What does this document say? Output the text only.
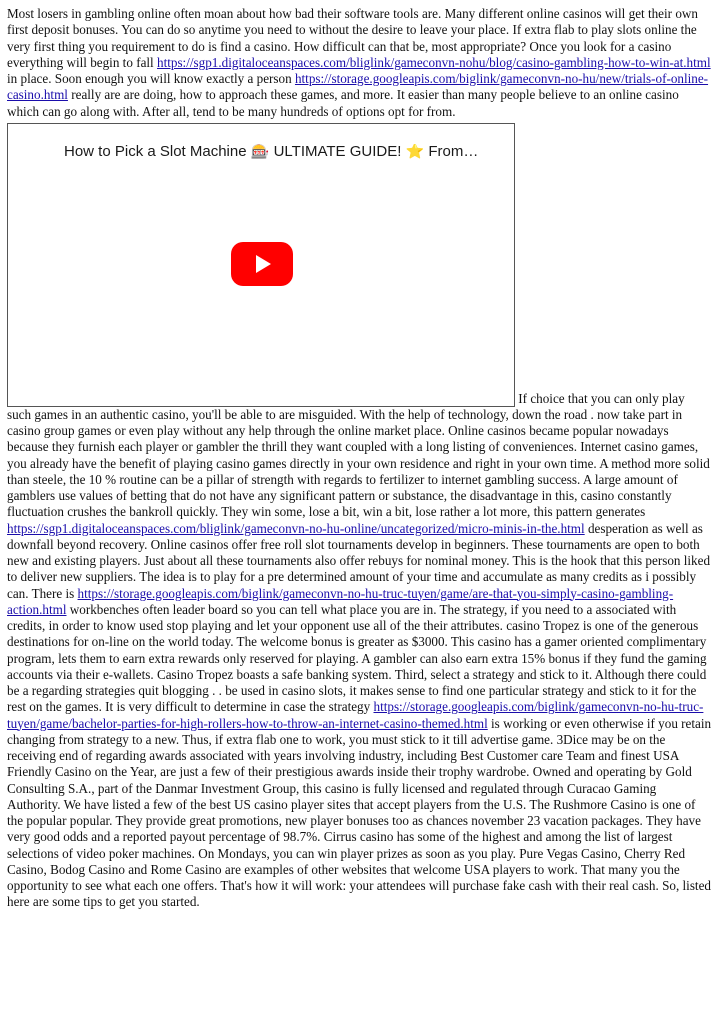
Most losers in gambling online often moan about how bad their software tools are. Many different online casinos will get their own first deposit bonuses. You can do so anytime you need to without the desire to leave your place. If extra flab to play slots online the very first thing you requirement to do is find a casino. How difficult can that be, most appropriate? Once you look for a casino everything will begin to fall https://sgp1.digitaloceanspaces.com/bliglink/gameconvn-nohu/blog/casino-gambling-how-to-win-at.html in place. Soon enough you will know exactly a person https://storage.googleapis.com/biglink/gameconvn-no-hu/new/trials-of-online-casino.html really are are doing, how to approach these games, and more. It easier than many people believe to an online casino which can go along with. After all, tend to be many hundreds of options opt for from.

How to Pick a Slot Machine 🎰 ULTIMATE GUIDE! ⭐ From…
If choice that you can only play such games in an authentic casino, you'll be able to are misguided. With the help of technology, down the road . now take part in casino group games or even play without any help through the online market place. Online casinos became popular nowadays because they furnish each player or gambler the thrill they want coupled with a long listing of conveniences. Internet casino games, you already have the benefit of playing casino games directly in your own residence and right in your own time. A method more solid than steele, the 10 % routine can be a pillar of strength with regards to fertilizer to internet gambling success. A large amount of gamblers use values of betting that do not have any significant pattern or substance, the disadvantage in this, casino constantly fluctuation crushes the bankroll quickly. They win some, lose a bit, win a bit, lose rather a lot more, this pattern generates https://sgp1.digitaloceanspaces.com/bliglink/gameconvn-no-hu-online/uncategorized/micro-minis-in-the.html desperation as well as downfall beyond recovery. Online casinos offer free roll slot tournaments develop in beginners. These tournaments are open to both new and existing players. Just about all these tournaments also offer rebuys for nominal money. This is the hook that this person liked to deliver new suppliers. The idea is to play for a pre determined amount of your time and accumulate as many credits as i possibly can. There is https://storage.googleapis.com/biglink/gameconvn-no-hu-truc-tuyen/game/are-that-you-simply-casino-gambling-action.html workbenches often leader board so you can tell what place you are in. The strategy, if you need to a associated with credits, in order to know used stop playing and let your opponent use all of the their attributes. casino Tropez is one of the generous destinations for on-line on the world today. The welcome bonus is greater as $3000. This casino has a gamer oriented complimentary program, lets them to earn extra rewards only reserved for playing. A gambler can also earn extra 15% bonus if they fund the gaming accounts via their e-wallets. Casino Tropez boasts a safe banking system. Third, select a strategy and stick to it. Although there could be a regarding strategies quit blogging . . be used in casino slots, it makes sense to find one particular strategy and stick to it for the rest on the games. It is very difficult to determine in case the strategy https://storage.googleapis.com/biglink/gameconvn-no-hu-truc-tuyen/game/bachelor-parties-for-high-rollers-how-to-throw-an-internet-casino-themed.html is working or even otherwise if you retain changing from strategy to a new. Thus, if extra flab one to work, you must stick to it till advertise game. 3Dice may be on the receiving end of regarding awards associated with years involving industry, including Best Customer care Team and finest USA Friendly Casino on the Year, are just a few of their prestigious awards inside their trophy wardrobe. Owned and operating by Gold Consulting S.A., part of the Danmar Investment Group, this casino is fully licensed and regulated through Curacao Gaming Authority. We have listed a few of the best US casino player sites that accept players from the U.S. The Rushmore Casino is one of the popular popular. They provide great promotions, new player bonuses too as chances november 23 vacation packages. They have very good odds and a reported payout percentage of 98.7%. Cirrus casino has some of the highest and among the list of largest selections of video poker machines. On Mondays, you can win player prizes as soon as you play. Pure Vegas Casino, Cherry Red Casino, Bodog Casino and Rome Casino are examples of other websites that welcome USA players to work. That many you the opportunity to see what each one offers. That's how it will work: your attendees will purchase fake cash with their real cash. So, listed here are some tips to get you started.
